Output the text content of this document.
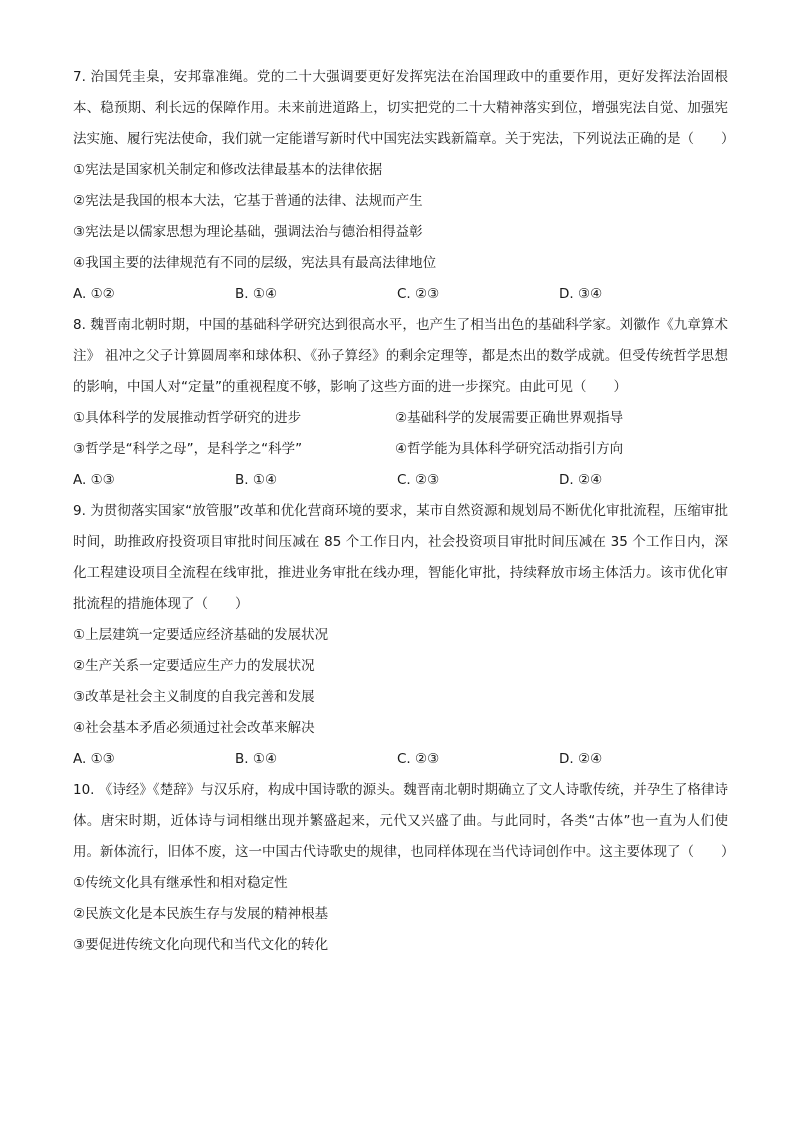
7. 治国凭圭臬，安邦靠准绳。党的二十大强调要更好发挥宪法在治国理政中的重要作用，更好发挥法治固根本、稳预期、利长远的保障作用。未来前进道路上，切实把党的二十大精神落实到位，增强宪法自觉、加强宪法实施、履行宪法使命，我们就一定能谱写新时代中国宪法实践新篇章。关于宪法，下列说法正确的是（　　）

①宪法是国家机关制定和修改法律最基本的法律依据

②宪法是我国的根本大法，它基于普通的法律、法规而产生

③宪法是以儒家思想为理论基础，强调法治与德治相得益彰

④我国主要的法律规范有不同的层级，宪法具有最高法律地位

A. ①②	B. ①④	C. ②③	D. ③④

8. 魏晋南北朝时期，中国的基础科学研究达到很高水平，也产生了相当出色的基础科学家。刘徽作《九章算术注》 祖冲之父子计算圆周率和球体积、《孙子算经》的剩余定理等，都是杰出的数学成就。但受传统哲学思想的影响，中国人对“定量”的重视程度不够，影响了这些方面的进一步探究。由此可见（　　）

①具体科学的发展推动哲学研究的进步	②基础科学的发展需要正确世界观指导
③哲学是“科学之母”，是科学之“科学”	④哲学能为具体科学研究活动指引方向
A. ①③	B. ①④	C. ②③	D. ②④

9. 为贯彻落实国家“放管服”改革和优化营商环境的要求，某市自然资源和规划局不断优化审批流程，压缩审批时间，助推政府投资项目审批时间压减在 85 个工作日内，社会投资项目审批时间压减在 35 个工作日内，深化工程建设项目全流程在线审批，推进业务审批在线办理，智能化审批，持续释放市场主体活力。该市优化审批流程的措施体现了（　　）

①上层建筑一定要适应经济基础的发展状况

②生产关系一定要适应生产力的发展状况

③改革是社会主义制度的自我完善和发展

④社会基本矛盾必须通过社会改革来解决

A. ①③	B. ①④	C. ②③	D. ②④

10. 《诗经》《楚辞》与汉乐府，构成中国诗歌的源头。魏晋南北朝时期确立了文人诗歌传统，并孕生了格律诗体。唐宋时期，近体诗与词相继出现并繁盛起来，元代又兴盛了曲。与此同时，各类“古体”也一直为人们使用。新体流行，旧体不废，这一中国古代诗歌史的规律，也同样体现在当代诗词创作中。这主要体现了（　　）

①传统文化具有继承性和相对稳定性

②民族文化是本民族生存与发展的精神根基

③要促进传统文化向现代和当代文化的转化
